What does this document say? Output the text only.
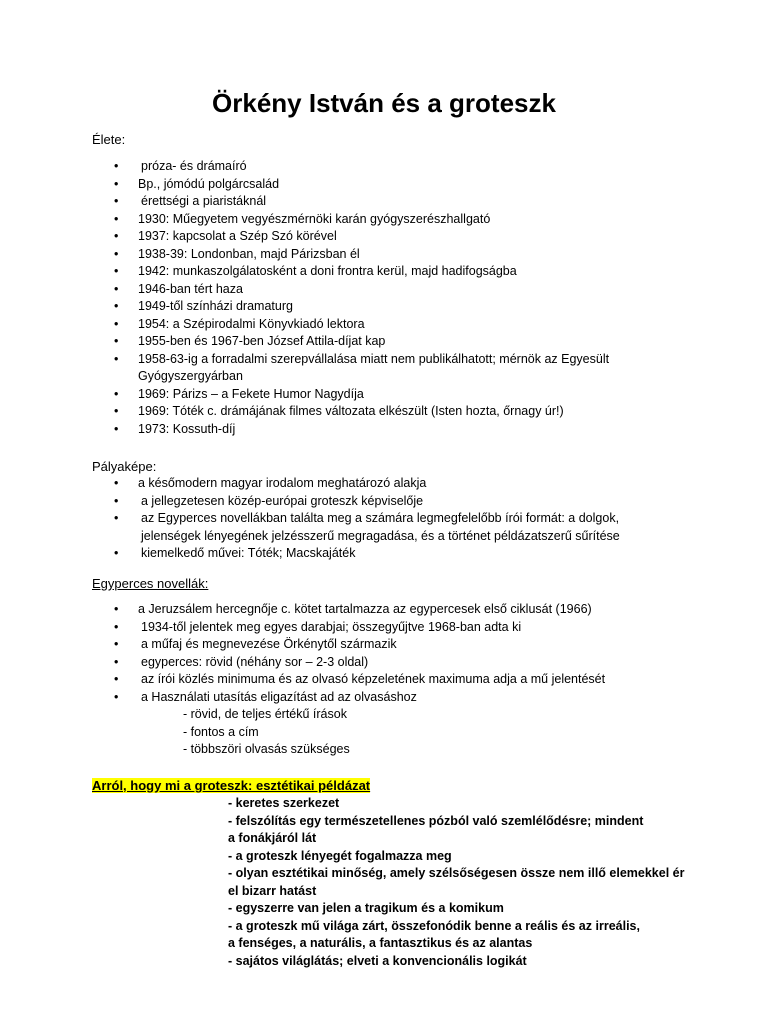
Örkény István és a groteszk

Élete:

• próza- és drámaíró
• Bp., jómódú polgárcsalád
• érettségi a piaristáknál
• 1930: Műegyetem vegyészmérnöki karán gyógyszerészhallgató
• 1937: kapcsolat a Szép Szó körével
• 1938-39: Londonban, majd Párizsban él
• 1942: munkaszolgálatosként a doni frontra kerül, majd hadifogságba
• 1946-ban tért haza
• 1949-től színházi dramaturg
• 1954: a Szépirodalmi Könyvkiadó lektora
• 1955-ben és 1967-ben József Attila-díjat kap
• 1958-63-ig a forradalmi szerepvállalása miatt nem publikálhatott; mérnök az Egyesült Gyógyszergyárban
• 1969: Párizs – a Fekete Humor Nagydíja
• 1969: Tóték c. drámájának filmes változata elkészült (Isten hozta, őrnagy úr!)
• 1973: Kossuth-díj

Pályaképe:

• a későmodern magyar irodalom meghatározó alakja
• a jellegzetesen közép-európai groteszk képviselője
• az Egyperces novellákban találta meg a számára legmegfelelőbb írói formát: a dolgok, jelenségek lényegének jelzésszerű megragadása, és a történet példázatszerű sűrítése
• kiemelkedő művei: Tóték; Macskajáték

Egyperces novellák:

• a Jeruzsálem hercegnője c. kötet tartalmazza az egypercesek első ciklusát (1966)
• 1934-től jelentek meg egyes darabjai; összegyűjtve 1968-ban adta ki
• a műfaj és megnevezése Örkénytől származik
• egyperces: rövid (néhány sor – 2-3 oldal)
• az írói közlés minimuma és az olvasó képzeletének maximuma adja a mű jelentését
• a Használati utasítás eligazítást ad az olvasáshoz
- rövid, de teljes értékű írások
- fontos a cím
- többszöri olvasás szükséges

Arról, hogy mi a groteszk: esztétikai példázat

- keretes szerkezet
- felszólítás egy természetellenes pózból való szemlélődésre; mindent a fonákjáról lát
- a groteszk lényegét fogalmazza meg
- olyan esztétikai minőség, amely szélsőségesen össze nem illő elemekkel ér el bizarr hatást
- egyszerre van jelen a tragikum és a komikum
- a groteszk mű világa zárt, összefonódik benne a reális és az irreális, a fenséges, a naturális, a fantasztikus és az alantas
- sajátos világlátás; elveti a konvencionális logikát
